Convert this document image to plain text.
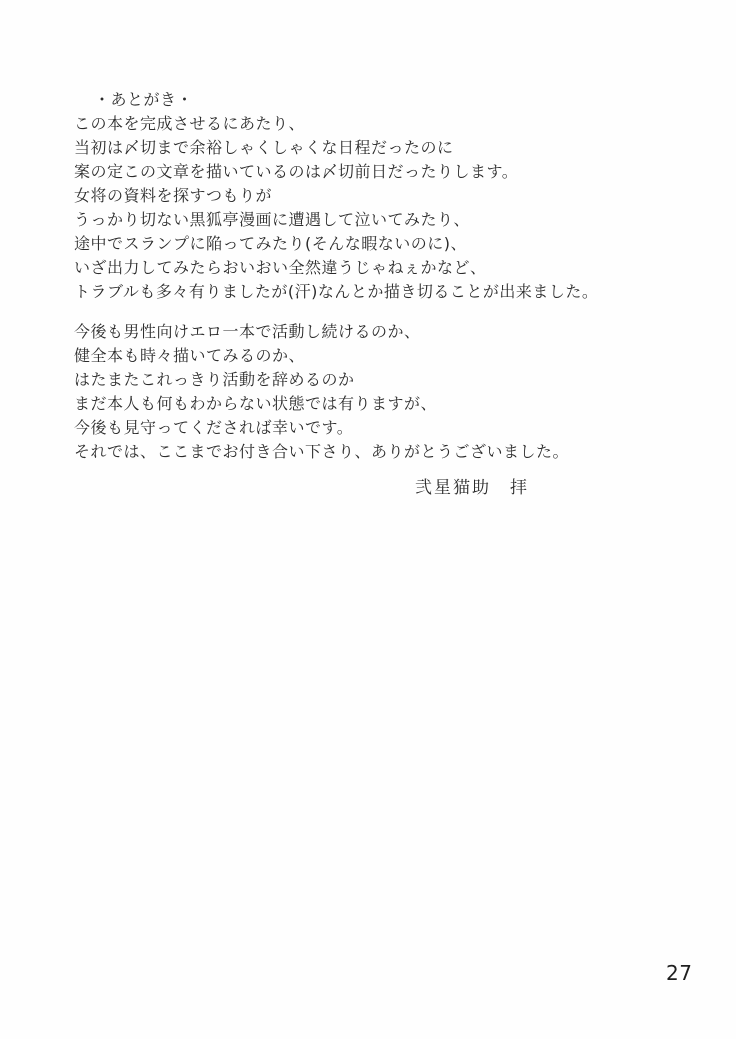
・あとがき・
この本を完成させるにあたり、
当初は〆切まで余裕しゃくしゃくな日程だったのに
案の定この文章を描いているのは〆切前日だったりします。
女将の資料を探すつもりが
うっかり切ない黒狐亭漫画に遭遇して泣いてみたり、
途中でスランプに陥ってみたり(そんな暇ないのに)、
いざ出力してみたらおいおい全然違うじゃねぇかなど、
トラブルも多々有りましたが(汗)なんとか描き切ることが出来ました。
今後も男性向けエロ一本で活動し続けるのか、
健全本も時々描いてみるのか、
はたまたこれっきり活動を辞めるのか
まだ本人も何もわからない状態では有りますが、
今後も見守ってくだされば幸いです。
それでは、ここまでお付き合い下さり、ありがとうございました。
弐星猫助　拝
27
